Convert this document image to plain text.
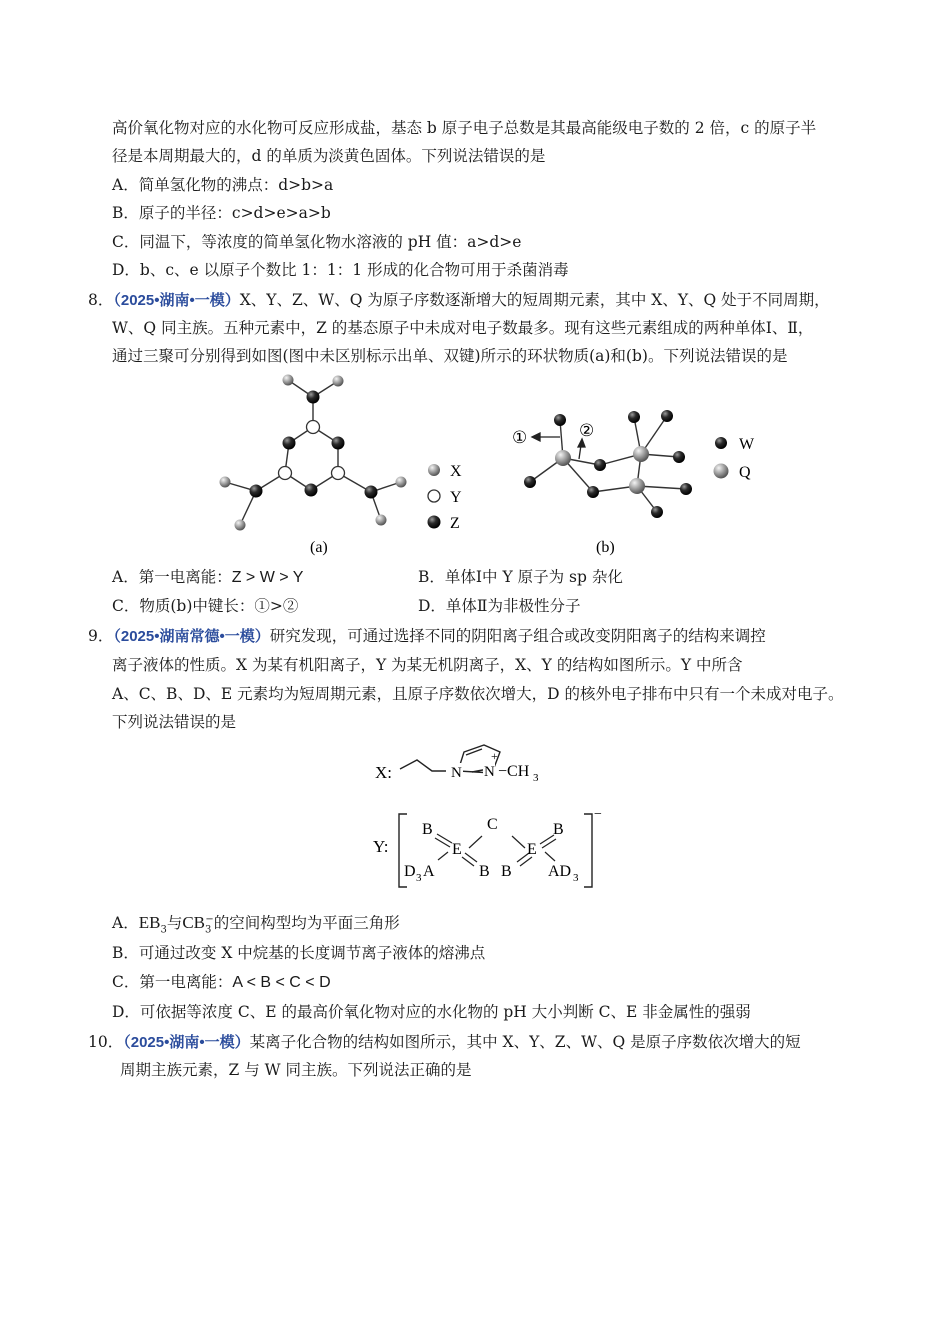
高价氧化物对应的水化物可反应形成盐，基态 b 原子电子总数是其最高能级电子数的 2 倍，c 的原子半
径是本周期最大的，d 的单质为淡黄色固体。下列说法错误的是
A．简单氢化物的沸点：d>b>a
B．原子的半径：c>d>e>a>b
C．同温下，等浓度的简单氢化物水溶液的 pH 值：a>d>e
D．b、c、e 以原子个数比 1：1：1 形成的化合物可用于杀菌消毒
8．（2025•湖南•一模）X、Y、Z、W、Q 为原子序数逐渐增大的短周期元素，其中 X、Y、Q 处于不同周期，
W、Q 同主族。五种元素中，Z 的基态原子中未成对电子数最多。现有这些元素组成的两种单体Ⅰ、Ⅱ，
通过三聚可分别得到如图(图中未区别标示出单、双键)所示的环状物质(a)和(b)。下列说法错误的是
X
Y
Z
(a)
①	②
W
Q
(b)
A．第一电离能：Z > W > Y	B．单体Ⅰ中 Y 原子为 sp 杂化
C．物质(b)中键长：①>②	D．单体Ⅱ为非极性分子
9．（2025•湖南常德•一模）研究发现，可通过选择不同的阴阳离子组合或改变阴阳离子的结构来调控
离子液体的性质。X 为某有机阳离子，Y 为某无机阴离子，X、Y 的结构如图所示。Y 中所含
A、C、B、D、E 元素均为短周期元素，且原子序数依次增大，D 的核外电子排布中只有一个未成对电子。
下列说法错误的是
X:	N N
+
−CH 3
Y:
−
B	C	B
E	E
D 3 A	B B AD 3
A．$EB_3$与$CB_3^-$的空间构型均为平面三角形
B．可通过改变 X 中烷基的长度调节离子液体的熔沸点
C．第一电离能：A < B < C < D
D．可依据等浓度 C、E 的最高价氧化物对应的水化物的 pH 大小判断 C、E 非金属性的强弱
10．（2025•湖南•一模）某离子化合物的结构如图所示，其中 X、Y、Z、W、Q 是原子序数依次增大的短
周期主族元素，Z 与 W 同主族。下列说法正确的是
